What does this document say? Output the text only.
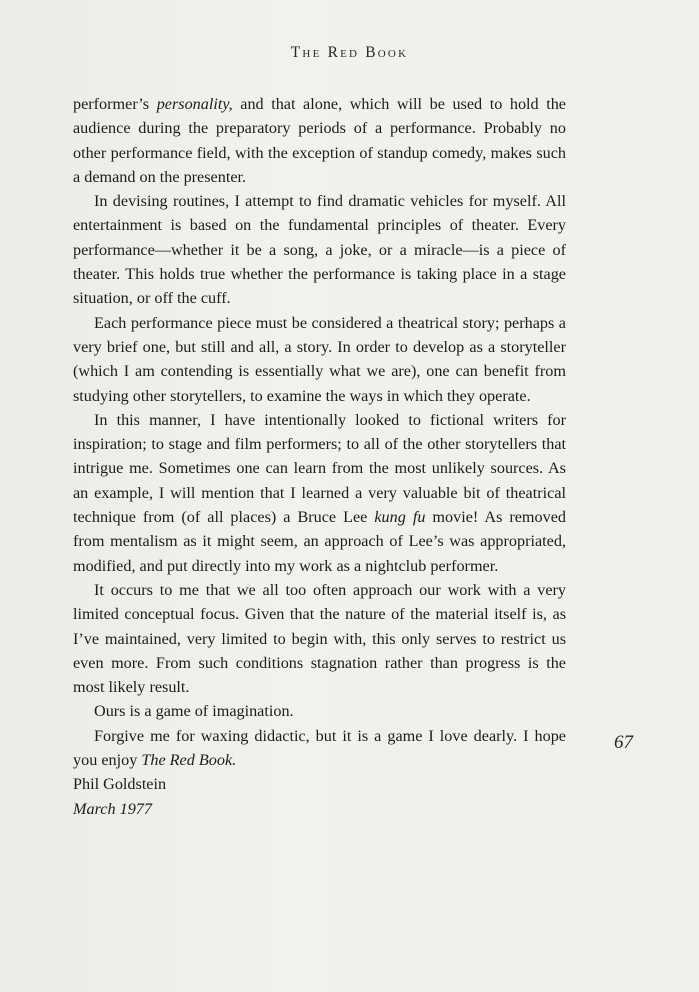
The Red Book

performer’s personality, and that alone, which will be used to hold the audience during the preparatory periods of a performance. Probably no other performance field, with the exception of standup comedy, makes such a demand on the presenter.

In devising routines, I attempt to find dramatic vehicles for myself. All entertainment is based on the fundamental principles of theater. Every performance—whether it be a song, a joke, or a miracle—is a piece of theater. This holds true whether the performance is taking place in a stage situation, or off the cuff.

Each performance piece must be considered a theatrical story; perhaps a very brief one, but still and all, a story. In order to develop as a storyteller (which I am contending is essentially what we are), one can benefit from studying other storytellers, to examine the ways in which they operate.

In this manner, I have intentionally looked to fictional writers for inspiration; to stage and film performers; to all of the other storytellers that intrigue me. Sometimes one can learn from the most unlikely sources. As an example, I will mention that I learned a very valuable bit of theatrical technique from (of all places) a Bruce Lee kung fu movie! As removed from mentalism as it might seem, an approach of Lee’s was appropriated, modified, and put directly into my work as a nightclub performer.

It occurs to me that we all too often approach our work with a very limited conceptual focus. Given that the nature of the material itself is, as I’ve maintained, very limited to begin with, this only serves to restrict us even more. From such conditions stagnation rather than progress is the most likely result.

Ours is a game of imagination.

Forgive me for waxing didactic, but it is a game I love dearly. I hope you enjoy The Red Book.

Phil Goldstein

March 1977

67
